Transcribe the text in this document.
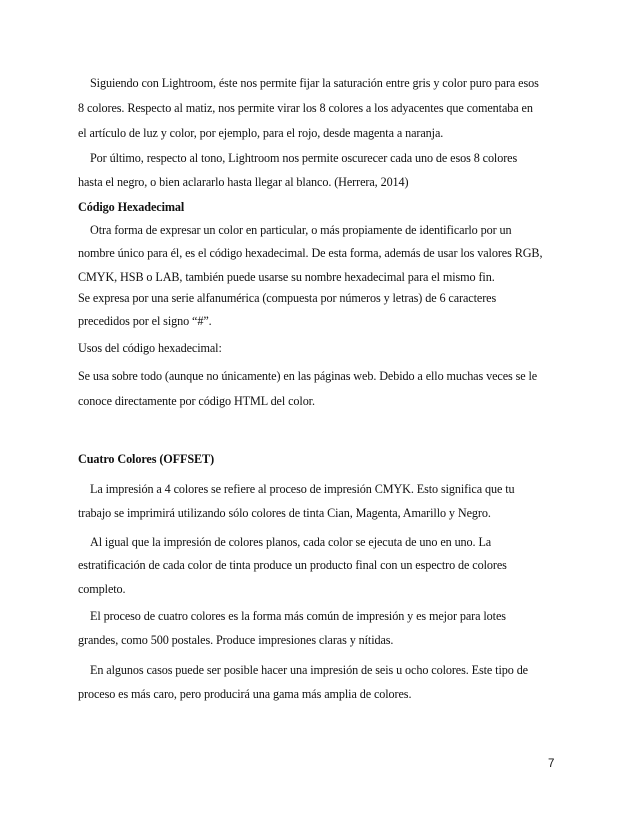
Siguiendo con Lightroom, éste nos permite fijar la saturación entre gris y color puro para esos
8 colores. Respecto al matiz, nos permite virar los 8 colores a los adyacentes que comentaba en
el artículo de luz y color, por ejemplo, para el rojo, desde magenta a naranja.
Por último, respecto al tono, Lightroom nos permite oscurecer cada uno de esos 8 colores
hasta el negro, o bien aclararlo hasta llegar al blanco. (Herrera, 2014)
Código Hexadecimal
Otra forma de expresar un color en particular, o más propiamente de identificarlo por un
nombre único para él, es el código hexadecimal. De esta forma, además de usar los valores RGB,
CMYK, HSB o LAB, también puede usarse su nombre hexadecimal para el mismo fin.
Se expresa por una serie alfanumérica (compuesta por números y letras) de 6 caracteres
precedidos por el signo “#”.
Usos del código hexadecimal:
Se usa sobre todo (aunque no únicamente) en las páginas web. Debido a ello muchas veces se le
conoce directamente por código HTML del color.
Cuatro Colores (OFFSET)
La impresión a 4 colores se refiere al proceso de impresión CMYK. Esto significa que tu
trabajo se imprimirá utilizando sólo colores de tinta Cian, Magenta, Amarillo y Negro.
Al igual que la impresión de colores planos, cada color se ejecuta de uno en uno. La
estratificación de cada color de tinta produce un producto final con un espectro de colores
completo.
El proceso de cuatro colores es la forma más común de impresión y es mejor para lotes
grandes, como 500 postales. Produce impresiones claras y nítidas.
En algunos casos puede ser posible hacer una impresión de seis u ocho colores. Este tipo de
proceso es más caro, pero producirá una gama más amplia de colores.
7
